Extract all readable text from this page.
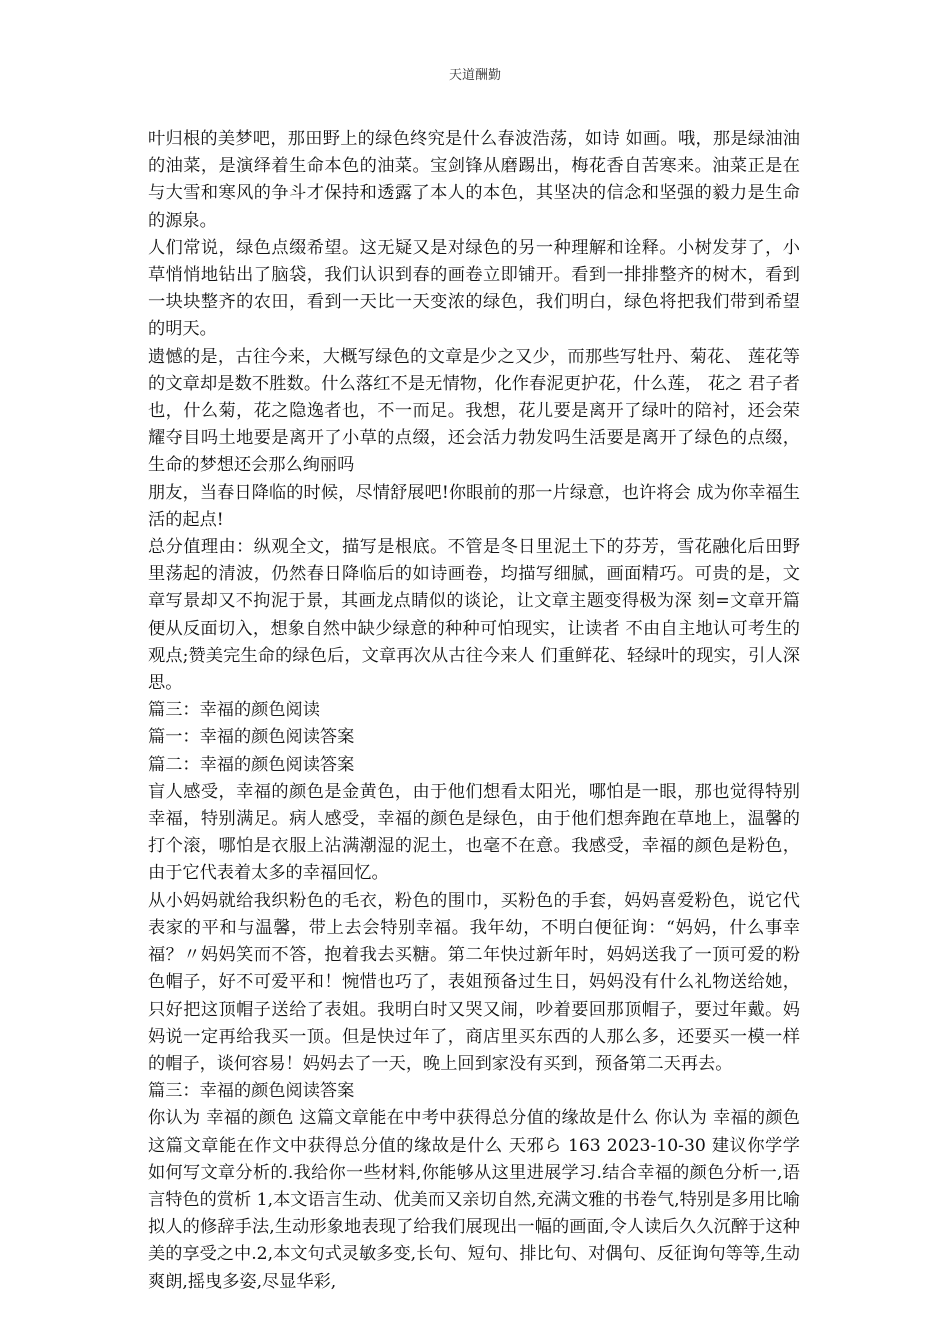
天道酬勤

叶归根的美梦吧，那田野上的绿色终究是什么春波浩荡，如诗 如画。哦，那是绿油油的油菜，是演绎着生命本色的油菜。宝剑锋从磨踢出，梅花香自苦寒来。油菜正是在与大雪和寒风的争斗才保持和透露了本人的本色，其坚决的信念和坚强的毅力是生命的源泉。

人们常说，绿色点缀希望。这无疑又是对绿色的另一种理解和诠释。小树发芽了，小草悄悄地钻出了脑袋，我们认识到春的画卷立即铺开。看到一排排整齐的树木，看到一块块整齐的农田，看到一天比一天变浓的绿色，我们明白，绿色将把我们带到希望的明天。

遗憾的是，古往今来，大概写绿色的文章是少之又少，而那些写牡丹、菊花、 莲花等的文章却是数不胜数。什么落红不是无情物，化作春泥更护花，什么莲， 花之 君子者也，什么菊，花之隐逸者也，不一而足。我想，花儿要是离开了绿叶的陪衬，还会荣耀夺目吗土地要是离开了小草的点缀，还会活力勃发吗生活要是离开了绿色的点缀，生命的梦想还会那么绚丽吗

朋友，当春日降临的时候，尽情舒展吧!你眼前的那一片绿意，也许将会 成为你幸福生活的起点!

总分值理由：纵观全文，描写是根底。不管是冬日里泥土下的芬芳，雪花融化后田野 里荡起的清波，仍然春日降临后的如诗画卷，均描写细腻，画面精巧。可贵的是，文章写景却又不拘泥于景，其画龙点睛似的谈论，让文章主题变得极为深 刻=文章开篇便从反面切入，想象自然中缺少绿意的种种可怕现实，让读者 不由自主地认可考生的观点;赞美完生命的绿色后，文章再次从古往今来人 们重鲜花、轻绿叶的现实，引人深思。

篇三：幸福的颜色阅读

篇一：幸福的颜色阅读答案

篇二：幸福的颜色阅读答案

盲人感受，幸福的颜色是金黄色，由于他们想看太阳光，哪怕是一眼，那也觉得特别幸福，特别满足。病人感受，幸福的颜色是绿色，由于他们想奔跑在草地上，温馨的打个滚，哪怕是衣服上沾满潮湿的泥土，也毫不在意。我感受，幸福的颜色是粉色，由于它代表着太多的幸福回忆。

从小妈妈就给我织粉色的毛衣，粉色的围巾，买粉色的手套，妈妈喜爱粉色，说它代表家的平和与温馨，带上去会特别幸福。我年幼，不明白便征询：“妈妈，什么事幸福？〃妈妈笑而不答，抱着我去买糖。第二年快过新年时，妈妈送我了一顶可爱的粉色帽子，好不可爱平和！惋惜也巧了，表姐预备过生日，妈妈没有什么礼物送给她，只好把这顶帽子送给了表姐。我明白时又哭又闹，吵着要回那顶帽子，要过年戴。妈妈说一定再给我买一顶。但是快过年了，商店里买东西的人那么多，还要买一模一样的帽子，谈何容易！妈妈去了一天，晚上回到家没有买到，预备第二天再去。

篇三：幸福的颜色阅读答案

你认为 幸福的颜色 这篇文章能在中考中获得总分值的缘故是什么 你认为 幸福的颜色 这篇文章能在作文中获得总分值的缘故是什么 天邪ら 163 2023-10-30 建议你学学如何写文章分析的.我给你一些材料,你能够从这里进展学习.结合幸福的颜色分析一,语言特色的赏析 1,本文语言生动、优美而又亲切自然,充满文雅的书卷气,特别是多用比喻拟人的修辞手法,生动形象地表现了给我们展现出一幅的画面,令人读后久久沉醉于这种美的享受之中.2,本文句式灵敏多变,长句、短句、排比句、对偶句、反征询句等等,生动爽朗,摇曳多姿,尽显华彩,
